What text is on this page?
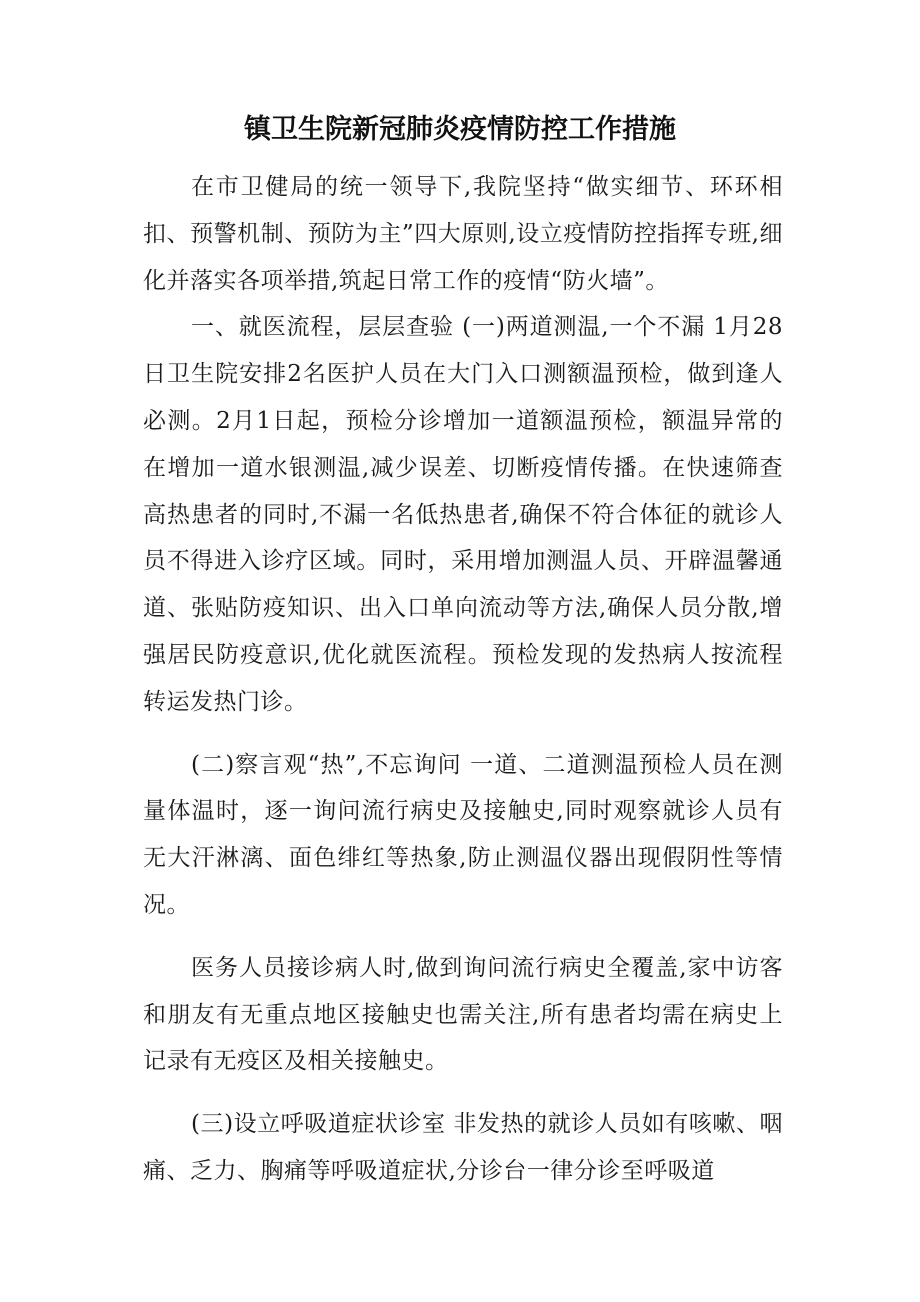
镇卫生院新冠肺炎疫情防控工作措施

在市卫健局的统一领导下,我院坚持“做实细节、环环相扣、预警机制、预防为主”四大原则,设立疫情防控指挥专班,细化并落实各项举措,筑起日常工作的疫情“防火墙”。

一、就医流程，层层查验 (一)两道测温,一个不漏 1月28日卫生院安排2名医护人员在大门入口测额温预检，做到逢人必测。2月1日起，预检分诊增加一道额温预检，额温异常的在增加一道水银测温,减少误差、切断疫情传播。在快速筛查高热患者的同时,不漏一名低热患者,确保不符合体征的就诊人员不得进入诊疗区域。同时，采用增加测温人员、开辟温馨通道、张贴防疫知识、出入口单向流动等方法,确保人员分散,增强居民防疫意识,优化就医流程。预检发现的发热病人按流程转运发热门诊。

(二)察言观“热”,不忘询问 一道、二道测温预检人员在测量体温时，逐一询问流行病史及接触史,同时观察就诊人员有无大汗淋漓、面色绯红等热象,防止测温仪器出现假阴性等情况。

医务人员接诊病人时,做到询问流行病史全覆盖,家中访客和朋友有无重点地区接触史也需关注,所有患者均需在病史上记录有无疫区及相关接触史。

(三)设立呼吸道症状诊室 非发热的就诊人员如有咳嗽、咽痛、乏力、胸痛等呼吸道症状,分诊台一律分诊至呼吸道
